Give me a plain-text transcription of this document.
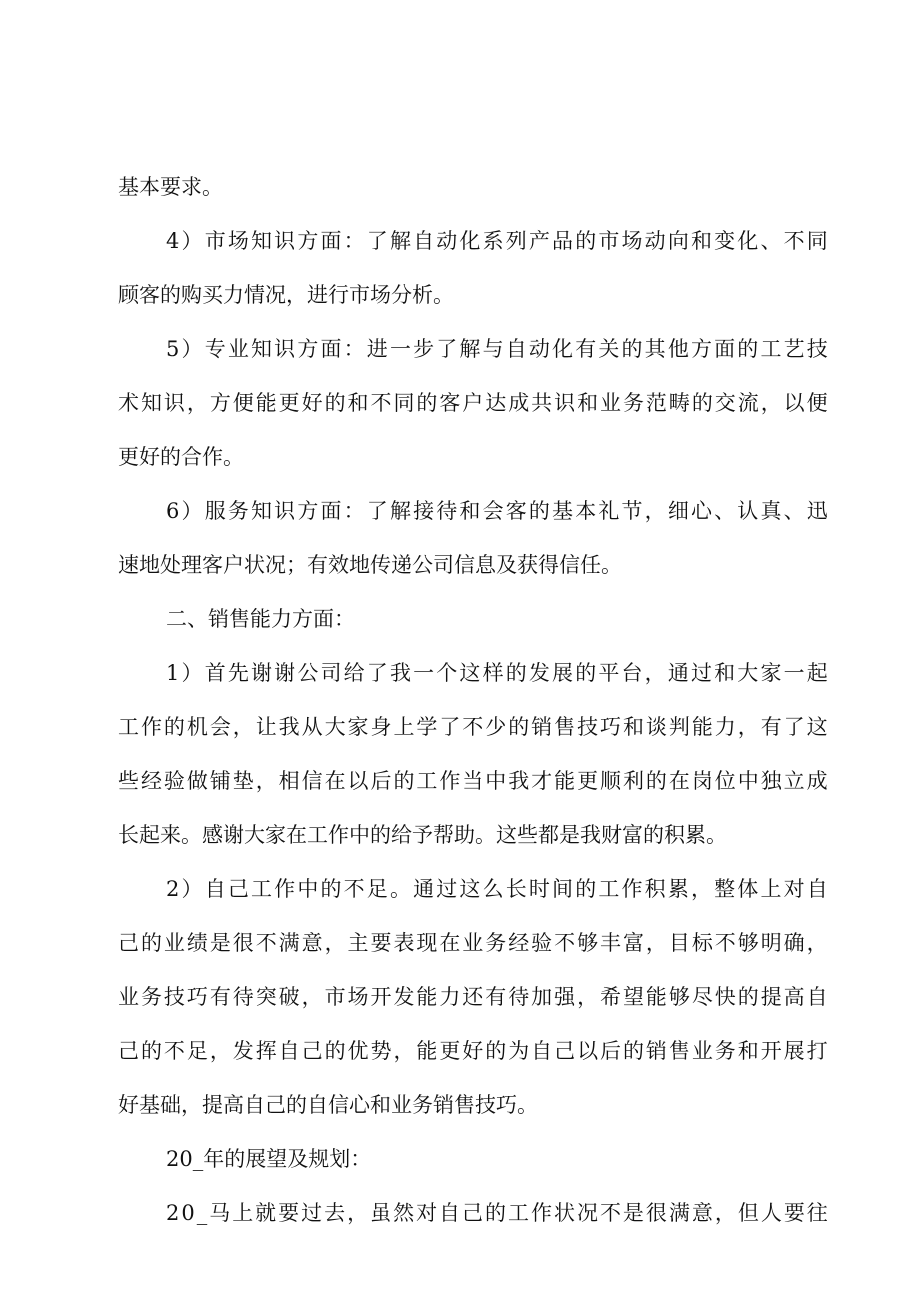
基本要求。
4 ） 市 场 知 识 方 面 ： 了 解 自 动 化 系 列 产 品 的 市 场 动 向 和 变 化 、 不 同
顾客的购买力情况，进行市场分析。
5 ） 专 业 知 识 方 面 ： 进 一 步 了 解 与 自 动 化 有 关 的 其 他 方 面 的 工 艺 技
术 知 识 ， 方 便 能 更 好 的 和 不 同 的 客 户 达 成 共 识 和 业 务 范 畴 的 交 流 ， 以 便
更好的合作。
6 ） 服 务 知 识 方 面 ： 了 解 接 待 和 会 客 的 基 本 礼 节 ， 细 心 、 认 真 、 迅
速地处理客户状况；有效地传递公司信息及获得信任。
二、销售能力方面：
1 ） 首 先 谢 谢 公 司 给 了 我 一 个 这 样 的 发 展 的 平 台 ， 通 过 和 大 家 一 起
工 作 的 机 会 ， 让 我 从 大 家 身 上 学 了 不 少 的 销 售 技 巧 和 谈 判 能 力 ， 有 了 这
些 经 验 做 铺 垫 ， 相 信 在 以 后 的 工 作 当 中 我 才 能 更 顺 利 的 在 岗 位 中 独 立 成
长起来。感谢大家在工作中的给予帮助。这些都是我财富的积累。
2 ） 自 己 工 作 中 的 不 足 。 通 过 这 么 长 时 间 的 工 作 积 累 ， 整 体 上 对 自
己 的 业 绩 是 很 不 满 意 ， 主 要 表 现 在 业 务 经 验 不 够 丰 富 ， 目 标 不 够 明 确 ，
业 务 技 巧 有 待 突 破 ， 市 场 开 发 能 力 还 有 待 加 强 ， 希 望 能 够 尽 快 的 提 高 自
己 的 不 足 ， 发 挥 自 己 的 优 势 ， 能 更 好 的 为 自 己 以 后 的 销 售 业 务 和 开 展 打
好基础，提高自己的自信心和业务销售技巧。
20_年的展望及规划：
2 0 _ 马 上 就 要 过 去 ， 虽 然 对 自 己 的 工 作 状 况 不 是 很 满 意 ， 但 人 要 往
